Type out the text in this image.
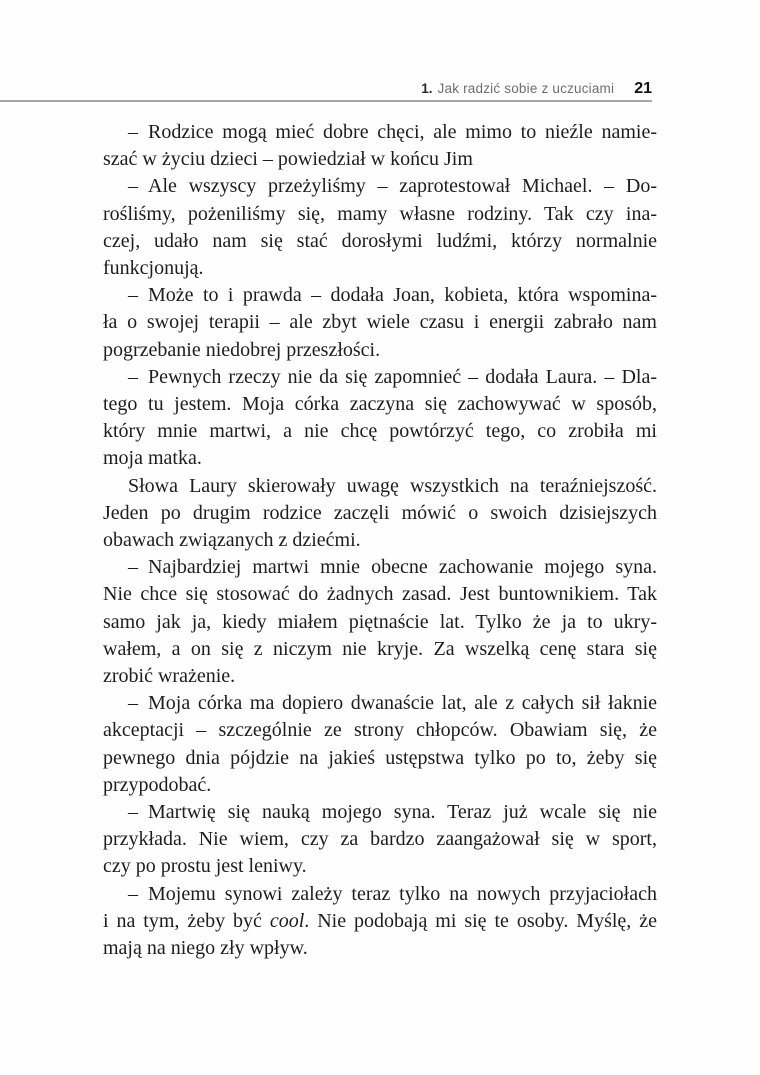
1. Jak radzić sobie z uczuciami 21
– Rodzice mogą mieć dobre chęci, ale mimo to nieźle namie-
szać w życiu dzieci – powiedział w końcu Jim
– Ale wszyscy przeżyliśmy – zaprotestował Michael. – Do-
rośliśmy, pożeniliśmy się, mamy własne rodziny. Tak czy ina-
czej, udało nam się stać dorosłymi ludźmi, którzy normalnie
funkcjonują.
– Może to i prawda – dodała Joan, kobieta, która wspomina-
ła o swojej terapii – ale zbyt wiele czasu i energii zabrało nam
pogrzebanie niedobrej przeszłości.
– Pewnych rzeczy nie da się zapomnieć – dodała Laura. – Dla-
tego tu jestem. Moja córka zaczyna się zachowywać w sposób,
który mnie martwi, a nie chcę powtórzyć tego, co zrobiła mi
moja matka.
Słowa Laury skierowały uwagę wszystkich na teraźniejszość.
Jeden po drugim rodzice zaczęli mówić o swoich dzisiejszych
obawach związanych z dziećmi.
– Najbardziej martwi mnie obecne zachowanie mojego syna.
Nie chce się stosować do żadnych zasad. Jest buntownikiem. Tak
samo jak ja, kiedy miałem piętnaście lat. Tylko że ja to ukry-
wałem, a on się z niczym nie kryje. Za wszelką cenę stara się
zrobić wrażenie.
– Moja córka ma dopiero dwanaście lat, ale z całych sił łaknie
akceptacji – szczególnie ze strony chłopców. Obawiam się, że
pewnego dnia pójdzie na jakieś ustępstwa tylko po to, żeby się
przypodobać.
– Martwię się nauką mojego syna. Teraz już wcale się nie
przykłada. Nie wiem, czy za bardzo zaangażował się w sport,
czy po prostu jest leniwy.
– Mojemu synowi zależy teraz tylko na nowych przyjaciołach
i na tym, żeby być cool. Nie podobają mi się te osoby. Myślę, że
mają na niego zły wpływ.
